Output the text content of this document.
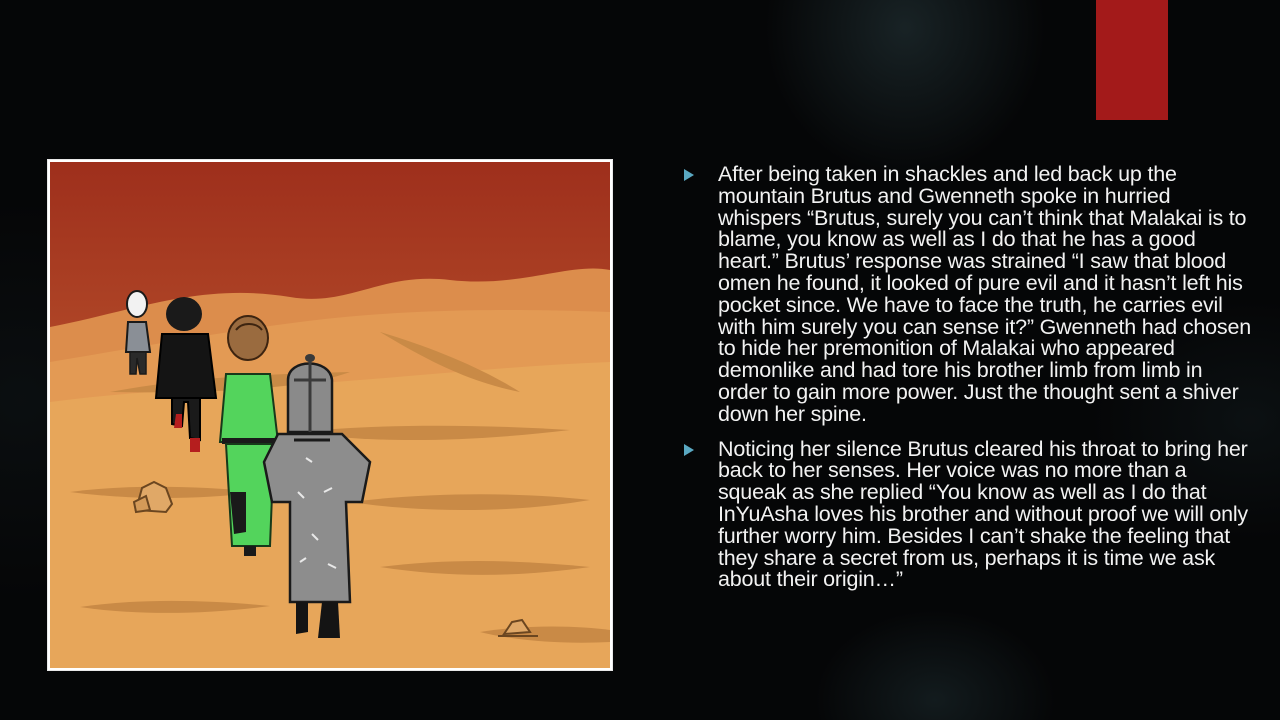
After being taken in shackles and led back up the mountain Brutus and Gwenneth spoke in hurried whispers “Brutus, surely you can’t think that Malakai is to blame, you know as well as I do that he has a good heart.” Brutus’ response was strained “I saw that blood omen he found, it looked of pure evil and it hasn’t left his pocket since. We have to face the truth, he carries evil with him surely you can sense it?” Gwenneth had chosen to hide her premonition of Malakai who appeared demonlike and had tore his brother limb from limb in order to gain more power. Just the thought sent a shiver down her spine.
Noticing her silence Brutus cleared his throat to bring her back to her senses. Her voice was no more than a squeak as she replied “You know as well as I do that InYuAsha loves his brother and without proof we will only further worry him. Besides I can’t shake the feeling that they share a secret from us, perhaps it is time we ask about their origin…”
